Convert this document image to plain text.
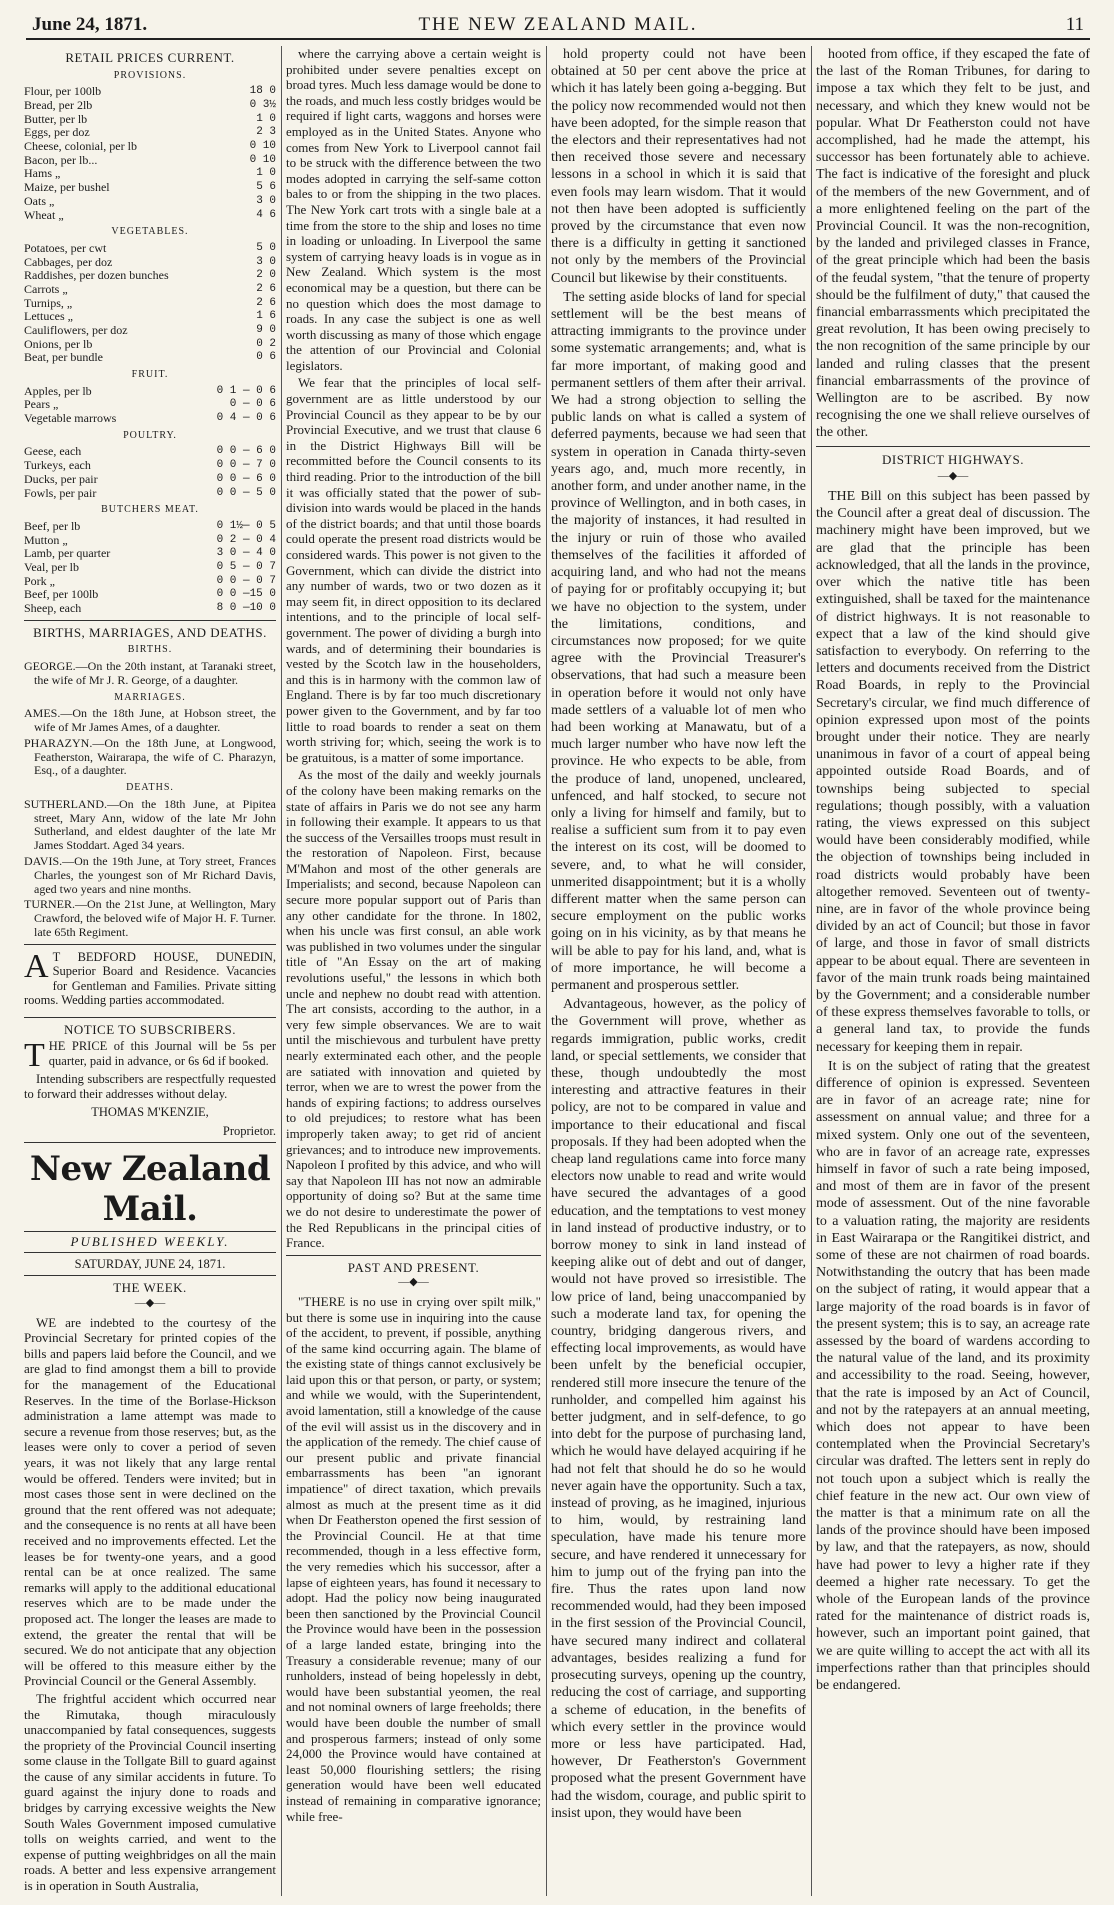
June 24, 1871.	THE NEW ZEALAND MAIL.	11
RETAIL PRICES CURRENT.
PROVISIONS.
Flour, per 100lb	18 0
Bread, per 2lb	0 3½
Butter, per lb	1 0
Eggs, per doz	2 3
Cheese, colonial, per lb	0 10
Bacon, per lb...	0 10
Hams „	1 0
Maize, per bushel	5 6
Oats „	3 0
Wheat „	4 6
VEGETABLES.
Potatoes, per cwt	5 0
Cabbages, per doz	3 0
Raddishes, per dozen bunches	2 0
Carrots „	2 6
Turnips, „	2 6
Lettuces „	1 6
Cauliflowers, per doz	9 0
Onions, per lb	0 2
Beat, per bundle	0 6
FRUIT.
Apples, per lb	0 1 — 0 6
Pears „	0 — 0 6
Vegetable marrows	0 4 — 0 6
POULTRY.
Geese, each	0 0 — 6 0
Turkeys, each	0 0 — 7 0
Ducks, per pair	0 0 — 6 0
Fowls, per pair	0 0 — 5 0
BUTCHERS MEAT.
Beef, per lb	0 1½— 0 5
Mutton „	0 2 — 0 4
Lamb, per quarter	3 0 — 4 0
Veal, per lb	0 5 — 0 7
Pork „	0 0 — 0 7
Beef, per 100lb	0 0 —15 0
Sheep, each	8 0 —10 0
BIRTHS, MARRIAGES, AND DEATHS.
BIRTHS.

GEORGE.—On the 20th instant, at Taranaki street, the wife of Mr J. R. George, of a daughter.

MARRIAGES.

AMES.—On the 18th June, at Hobson street, the wife of Mr James Ames, of a daughter.

PHARAZYN.—On the 18th June, at Longwood, Featherston, Wairarapa, the wife of C. Pharazyn, Esq., of a daughter.

DEATHS.

SUTHERLAND.—On the 18th June, at Pipitea street, Mary Ann, widow of the late Mr John Sutherland, and eldest daughter of the late Mr James Stoddart. Aged 34 years.

DAVIS.—On the 19th June, at Tory street, Frances Charles, the youngest son of Mr Richard Davis, aged two years and nine months.

TURNER.—On the 21st June, at Wellington, Mary Crawford, the beloved wife of Major H. F. Turner. late 65th Regiment.

A T BEDFORD HOUSE, DUNEDIN, Superior Board and Residence. Vacancies for Gentleman and Families. Private sitting rooms. Wedding parties accommodated.

NOTICE TO SUBSCRIBERS.
T HE PRICE of this Journal will be 5s per quarter, paid in advance, or 6s 6d if booked.

Intending subscribers are respectfully requested to forward their addresses without delay.

THOMAS M'KENZIE,

Proprietor.

New Zealand Mail.
PUBLISHED WEEKLY.
SATURDAY, JUNE 24, 1871.
THE WEEK.
—◆—

WE are indebted to the courtesy of the Provincial Secretary for printed copies of the bills and papers laid before the Council, and we are glad to find amongst them a bill to provide for the management of the Educational Reserves. In the time of the Borlase-Hickson administration a lame attempt was made to secure a revenue from those reserves; but, as the leases were only to cover a period of seven years, it was not likely that any large rental would be offered. Tenders were invited; but in most cases those sent in were declined on the ground that the rent offered was not adequate; and the consequence is no rents at all have been received and no improvements effected. Let the leases be for twenty-one years, and a good rental can be at once realized. The same remarks will apply to the additional educational reserves which are to be made under the proposed act. The longer the leases are made to extend, the greater the rental that will be secured. We do not anticipate that any objection will be offered to this measure either by the Provincial Council or the General Assembly.

The frightful accident which occurred near the Rimutaka, though miraculously unaccompanied by fatal consequences, suggests the propriety of the Provincial Council inserting some clause in the Tollgate Bill to guard against the cause of any similar accidents in future. To guard against the injury done to roads and bridges by carrying excessive weights the New South Wales Government imposed cumulative tolls on weights carried, and went to the expense of putting weighbridges on all the main roads. A better and less expensive arrangement is in operation in South Australia,

where the carrying above a certain weight is prohibited under severe penalties except on broad tyres. Much less damage would be done to the roads, and much less costly bridges would be required if light carts, waggons and horses were employed as in the United States. Anyone who comes from New York to Liverpool cannot fail to be struck with the difference between the two modes adopted in carrying the self-same cotton bales to or from the shipping in the two places. The New York cart trots with a single bale at a time from the store to the ship and loses no time in loading or unloading. In Liverpool the same system of carrying heavy loads is in vogue as in New Zealand. Which system is the most economical may be a question, but there can be no question which does the most damage to roads. In any case the subject is one as well worth discussing as many of those which engage the attention of our Provincial and Colonial legislators.

We fear that the principles of local self-government are as little understood by our Provincial Council as they appear to be by our Provincial Executive, and we trust that clause 6 in the District Highways Bill will be recommitted before the Council consents to its third reading. Prior to the introduction of the bill it was officially stated that the power of sub-division into wards would be placed in the hands of the district boards; and that until those boards could operate the present road districts would be considered wards. This power is not given to the Government, which can divide the district into any number of wards, two or two dozen as it may seem fit, in direct opposition to its declared intentions, and to the principle of local self-government. The power of dividing a burgh into wards, and of determining their boundaries is vested by the Scotch law in the householders, and this is in harmony with the common law of England. There is by far too much discretionary power given to the Government, and by far too little to road boards to render a seat on them worth striving for; which, seeing the work is to be gratuitous, is a matter of some importance.

As the most of the daily and weekly journals of the colony have been making remarks on the state of affairs in Paris we do not see any harm in following their example. It appears to us that the success of the Versailles troops must result in the restoration of Napoleon. First, because M'Mahon and most of the other generals are Imperialists; and second, because Napoleon can secure more popular support out of Paris than any other candidate for the throne. In 1802, when his uncle was first consul, an able work was published in two volumes under the singular title of "An Essay on the art of making revolutions useful," the lessons in which both uncle and nephew no doubt read with attention. The art consists, according to the author, in a very few simple observances. We are to wait until the mischievous and turbulent have pretty nearly exterminated each other, and the people are satiated with innovation and quieted by terror, when we are to wrest the power from the hands of expiring factions; to address ourselves to old prejudices; to restore what has been improperly taken away; to get rid of ancient grievances; and to introduce new improvements. Napoleon I profited by this advice, and who will say that Napoleon III has not now an admirable opportunity of doing so? But at the same time we do not desire to underestimate the power of the Red Republicans in the principal cities of France.

PAST AND PRESENT.
—◆—

"THERE is no use in crying over spilt milk," but there is some use in inquiring into the cause of the accident, to prevent, if possible, anything of the same kind occurring again. The blame of the existing state of things cannot exclusively be laid upon this or that person, or party, or system; and while we would, with the Superintendent, avoid lamentation, still a knowledge of the cause of the evil will assist us in the discovery and in the application of the remedy. The chief cause of our present public and private financial embarrassments has been "an ignorant impatience" of direct taxation, which prevails almost as much at the present time as it did when Dr Featherston opened the first session of the Provincial Council. He at that time recommended, though in a less effective form, the very remedies which his successor, after a lapse of eighteen years, has found it necessary to adopt. Had the policy now being inaugurated been then sanctioned by the Provincial Council the Province would have been in the possession of a large landed estate, bringing into the Treasury a considerable revenue; many of our runholders, instead of being hopelessly in debt, would have been substantial yeomen, the real and not nominal owners of large freeholds; there would have been double the number of small and prosperous farmers; instead of only some 24,000 the Province would have contained at least 50,000 flourishing settlers; the rising generation would have been well educated instead of remaining in comparative ignorance; while free-

hold property could not have been obtained at 50 per cent above the price at which it has lately been going a-begging. But the policy now recommended would not then have been adopted, for the simple reason that the electors and their representatives had not then received those severe and necessary lessons in a school in which it is said that even fools may learn wisdom. That it would not then have been adopted is sufficiently proved by the circumstance that even now there is a difficulty in getting it sanctioned not only by the members of the Provincial Council but likewise by their constituents.

The setting aside blocks of land for special settlement will be the best means of attracting immigrants to the province under some systematic arrangements; and, what is far more important, of making good and permanent settlers of them after their arrival. We had a strong objection to selling the public lands on what is called a system of deferred payments, because we had seen that system in operation in Canada thirty-seven years ago, and, much more recently, in another form, and under another name, in the province of Wellington, and in both cases, in the majority of instances, it had resulted in the injury or ruin of those who availed themselves of the facilities it afforded of acquiring land, and who had not the means of paying for or profitably occupying it; but we have no objection to the system, under the limitations, conditions, and circumstances now proposed; for we quite agree with the Provincial Treasurer's observations, that had such a measure been in operation before it would not only have made settlers of a valuable lot of men who had been working at Manawatu, but of a much larger number who have now left the province. He who expects to be able, from the produce of land, unopened, uncleared, unfenced, and half stocked, to secure not only a living for himself and family, but to realise a sufficient sum from it to pay even the interest on its cost, will be doomed to severe, and, to what he will consider, unmerited disappointment; but it is a wholly different matter when the same person can secure employment on the public works going on in his vicinity, as by that means he will be able to pay for his land, and, what is of more importance, he will become a permanent and prosperous settler.

Advantageous, however, as the policy of the Government will prove, whether as regards immigration, public works, credit land, or special settlements, we consider that these, though undoubtedly the most interesting and attractive features in their policy, are not to be compared in value and importance to their educational and fiscal proposals. If they had been adopted when the cheap land regulations came into force many electors now unable to read and write would have secured the advantages of a good education, and the temptations to vest money in land instead of productive industry, or to borrow money to sink in land instead of keeping alike out of debt and out of danger, would not have proved so irresistible. The low price of land, being unaccompanied by such a moderate land tax, for opening the country, bridging dangerous rivers, and effecting local improvements, as would have been unfelt by the beneficial occupier, rendered still more insecure the tenure of the runholder, and compelled him against his better judgment, and in self-defence, to go into debt for the purpose of purchasing land, which he would have delayed acquiring if he had not felt that should he do so he would never again have the opportunity. Such a tax, instead of proving, as he imagined, injurious to him, would, by restraining land speculation, have made his tenure more secure, and have rendered it unnecessary for him to jump out of the frying pan into the fire. Thus the rates upon land now recommended would, had they been imposed in the first session of the Provincial Council, have secured many indirect and collateral advantages, besides realizing a fund for prosecuting surveys, opening up the country, reducing the cost of carriage, and supporting a scheme of education, in the benefits of which every settler in the province would more or less have participated. Had, however, Dr Featherston's Government proposed what the present Government have had the wisdom, courage, and public spirit to insist upon, they would have been

hooted from office, if they escaped the fate of the last of the Roman Tribunes, for daring to impose a tax which they felt to be just, and necessary, and which they knew would not be popular. What Dr Featherston could not have accomplished, had he made the attempt, his successor has been fortunately able to achieve. The fact is indicative of the foresight and pluck of the members of the new Government, and of a more enlightened feeling on the part of the Provincial Council. It was the non-recognition, by the landed and privileged classes in France, of the great principle which had been the basis of the feudal system, "that the tenure of property should be the fulfilment of duty," that caused the financial embarrassments which precipitated the great revolution, It has been owing precisely to the non recognition of the same principle by our landed and ruling classes that the present financial embarrassments of the province of Wellington are to be ascribed. By now recognising the one we shall relieve ourselves of the other.

DISTRICT HIGHWAYS.
—◆—

THE Bill on this subject has been passed by the Council after a great deal of discussion. The machinery might have been improved, but we are glad that the principle has been acknowledged, that all the lands in the province, over which the native title has been extinguished, shall be taxed for the maintenance of district highways. It is not reasonable to expect that a law of the kind should give satisfaction to everybody. On referring to the letters and documents received from the District Road Boards, in reply to the Provincial Secretary's circular, we find much difference of opinion expressed upon most of the points brought under their notice. They are nearly unanimous in favor of a court of appeal being appointed outside Road Boards, and of townships being subjected to special regulations; though possibly, with a valuation rating, the views expressed on this subject would have been considerably modified, while the objection of townships being included in road districts would probably have been altogether removed. Seventeen out of twenty-nine, are in favor of the whole province being divided by an act of Council; but those in favor of large, and those in favor of small districts appear to be about equal. There are seventeen in favor of the main trunk roads being maintained by the Government; and a considerable number of these express themselves favorable to tolls, or a general land tax, to provide the funds necessary for keeping them in repair.

It is on the subject of rating that the greatest difference of opinion is expressed. Seventeen are in favor of an acreage rate; nine for assessment on annual value; and three for a mixed system. Only one out of the seventeen, who are in favor of an acreage rate, expresses himself in favor of such a rate being imposed, and most of them are in favor of the present mode of assessment. Out of the nine favorable to a valuation rating, the majority are residents in East Wairarapa or the Rangitikei district, and some of these are not chairmen of road boards. Notwithstanding the outcry that has been made on the subject of rating, it would appear that a large majority of the road boards is in favor of the present system; this is to say, an acreage rate assessed by the board of wardens according to the natural value of the land, and its proximity and accessibility to the road. Seeing, however, that the rate is imposed by an Act of Council, and not by the ratepayers at an annual meeting, which does not appear to have been contemplated when the Provincial Secretary's circular was drafted. The letters sent in reply do not touch upon a subject which is really the chief feature in the new act. Our own view of the matter is that a minimum rate on all the lands of the province should have been imposed by law, and that the ratepayers, as now, should have had power to levy a higher rate if they deemed a higher rate necessary. To get the whole of the European lands of the province rated for the maintenance of district roads is, however, such an important point gained, that we are quite willing to accept the act with all its imperfections rather than that principles should be endangered.
